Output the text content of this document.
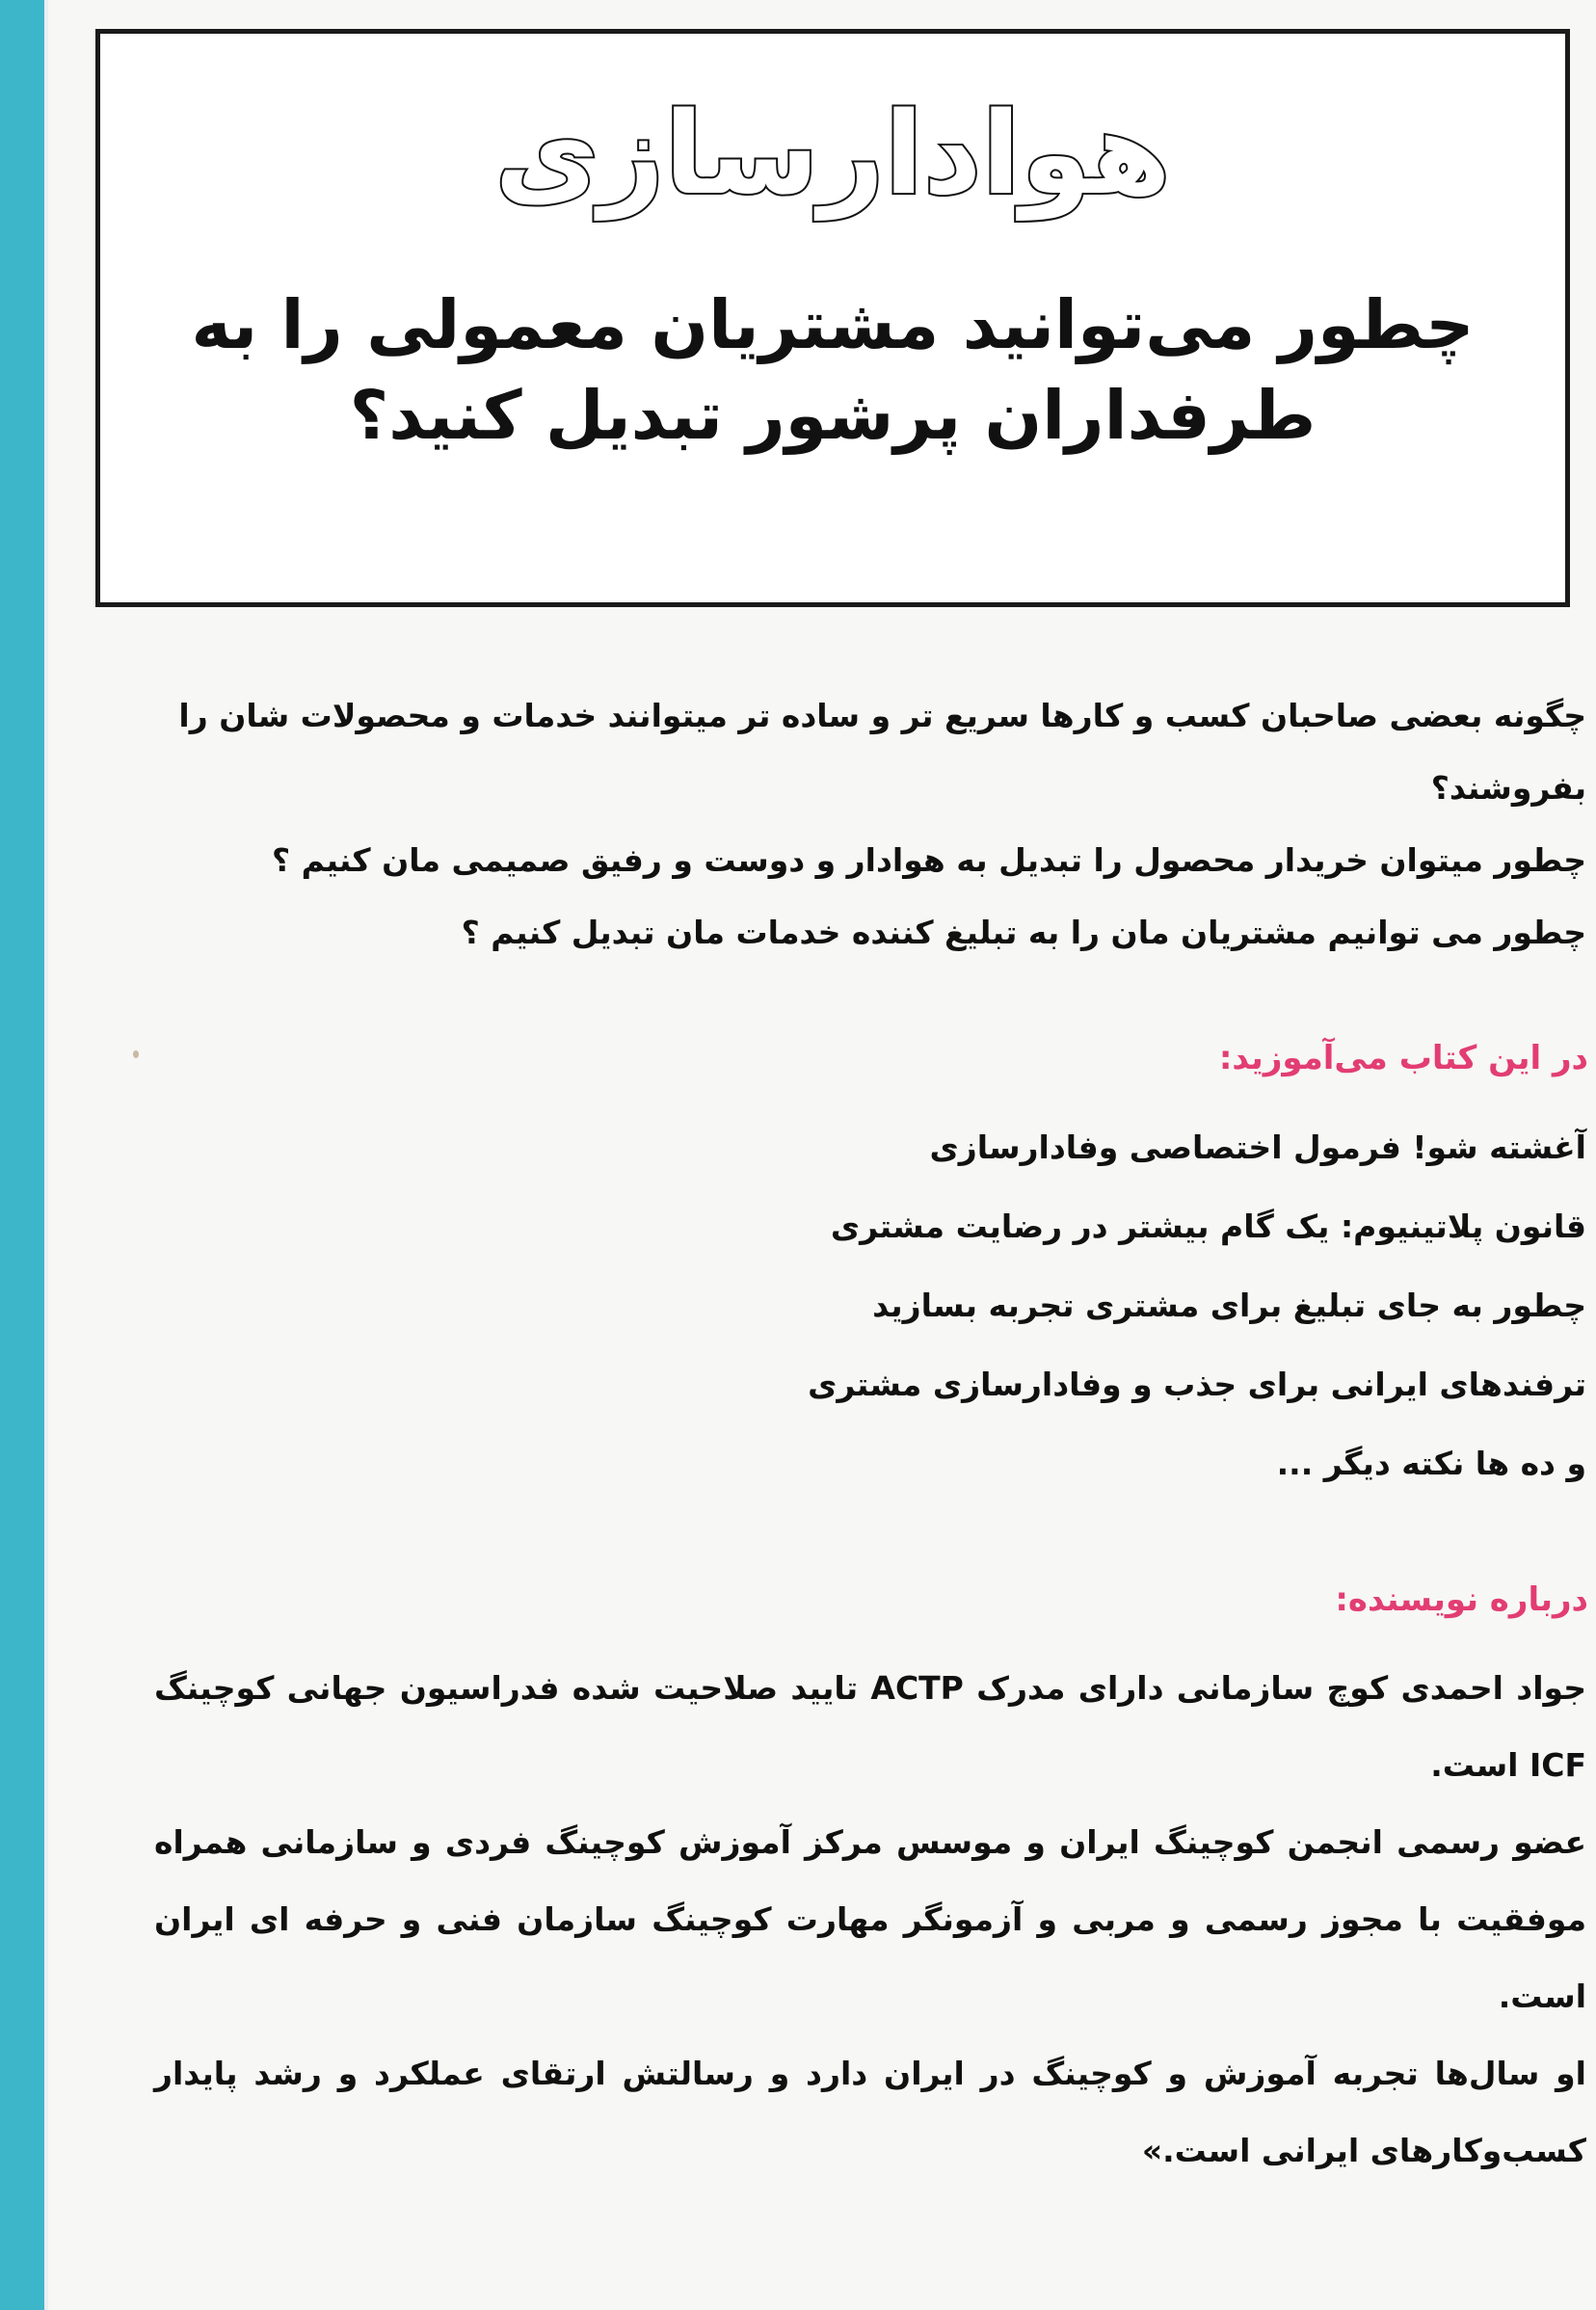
هوادارسازی
چطور می‌توانید مشتریان معمولی را به طرفداران پرشور تبدیل کنید؟

چگونه بعضی صاحبان کسب و کارها سریع تر و ساده تر میتوانند خدمات و محصولات شان را بفروشند؟

چطور میتوان خریدار محصول را تبدیل به هوادار و دوست و رفیق صمیمی مان کنیم ؟

چطور می توانیم مشتریان مان را به تبلیغ کننده خدمات مان تبدیل کنیم ؟

در این کتاب می‌آموزید:
آغشته شو! فرمول اختصاصی وفادارسازی
قانون پلاتینیوم: یک گام بیشتر در رضایت مشتری
چطور به جای تبلیغ برای مشتری تجربه بسازید
ترفندهای ایرانی برای جذب و وفادارسازی مشتری
و ده ها نکته دیگر ...
درباره نویسنده:

جواد احمدی کوچ سازمانی دارای مدرک ACTP تایید صلاحیت شده فدراسیون جهانی کوچینگ ICF است.

عضو رسمی انجمن کوچینگ ایران و موسس مرکز آموزش کوچینگ فردی و سازمانی همراه موفقیت با مجوز رسمی و مربی و آزمونگر مهارت کوچینگ سازمان فنی و حرفه ای ایران است.

او سال‌ها تجربه آموزش و کوچینگ در ایران دارد و رسالتش ارتقای عملکرد و رشد پایدار کسب‌وکارهای ایرانی است.»
